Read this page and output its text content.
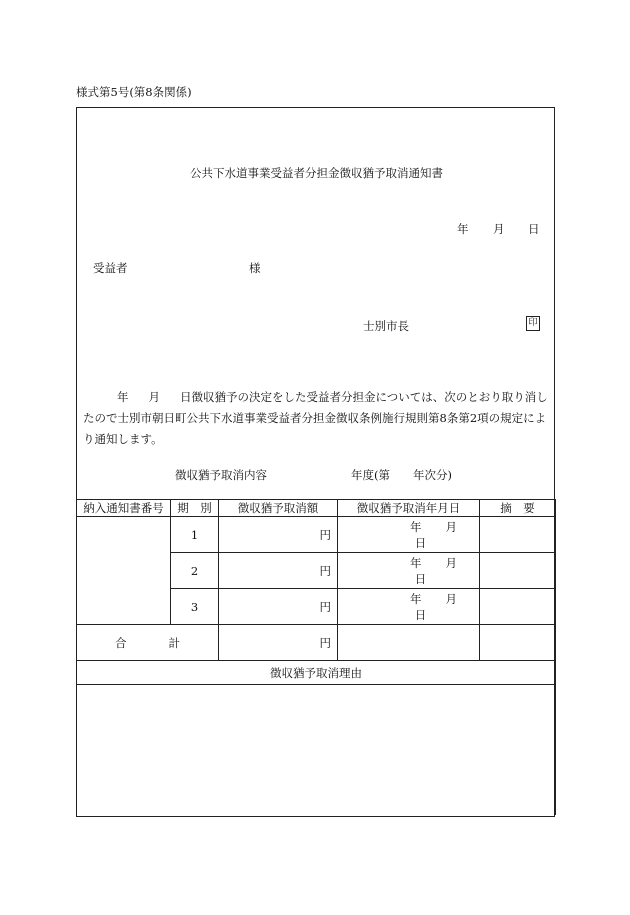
様式第5号(第8条関係)
公共下水道事業受益者分担金徴収猶予取消通知書
年 月 日
受益者	様
士別市長	印
年 月 日徴収猶予の決定をした受益者分担金については、次のとおり取り消したので士別市朝日町公共下水道事業受益者分担金徴収条例施行規則第8条第2項の規定により通知します。
徴収猶予取消内容	年度(第　　年次分)
納入通知書番号	期　別	徴収猶予取消額	徴収猶予取消年月日	摘　要
	1	円	年 月日	
	2	円	年 月日	
	3	円	年 月日	
合 計		円		
徴収猶予取消理由				
